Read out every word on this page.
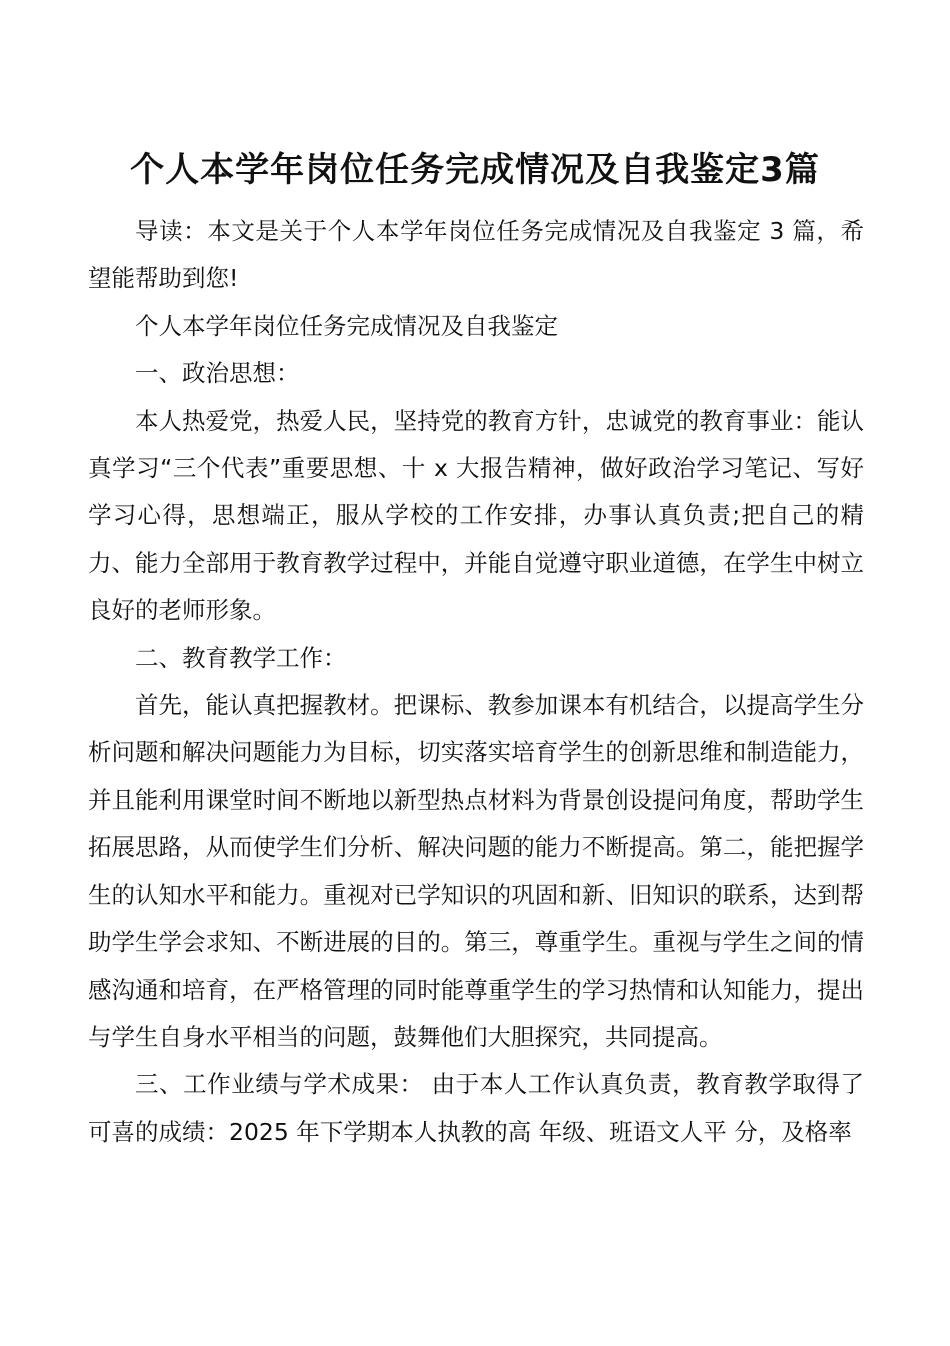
个人本学年岗位任务完成情况及自我鉴定3篇

导读：本文是关于个人本学年岗位任务完成情况及自我鉴定 3 篇，希望能帮助到您!

个人本学年岗位任务完成情况及自我鉴定

一、政治思想：

本人热爱党，热爱人民，坚持党的教育方针，忠诚党的教育事业：能认真学习“三个代表”重要思想、十 x 大报告精神，做好政治学习笔记、写好学习心得，思想端正，服从学校的工作安排，办事认真负责;把自己的精力、能力全部用于教育教学过程中，并能自觉遵守职业道德，在学生中树立良好的老师形象。

二、教育教学工作：

首先，能认真把握教材。把课标、教参加课本有机结合，以提高学生分析问题和解决问题能力为目标，切实落实培育学生的创新思维和制造能力，并且能利用课堂时间不断地以新型热点材料为背景创设提问角度，帮助学生拓展思路，从而使学生们分析、解决问题的能力不断提高。第二，能把握学生的认知水平和能力。重视对已学知识的巩固和新、旧知识的联系，达到帮助学生学会求知、不断进展的目的。第三，尊重学生。重视与学生之间的情感沟通和培育，在严格管理的同时能尊重学生的学习热情和认知能力，提出与学生自身水平相当的问题，鼓舞他们大胆探究，共同提高。

三、工作业绩与学术成果： 由于本人工作认真负责，教育教学取得了可喜的成绩：2025 年下学期本人执教的高 年级、班语文人平 分，及格率
